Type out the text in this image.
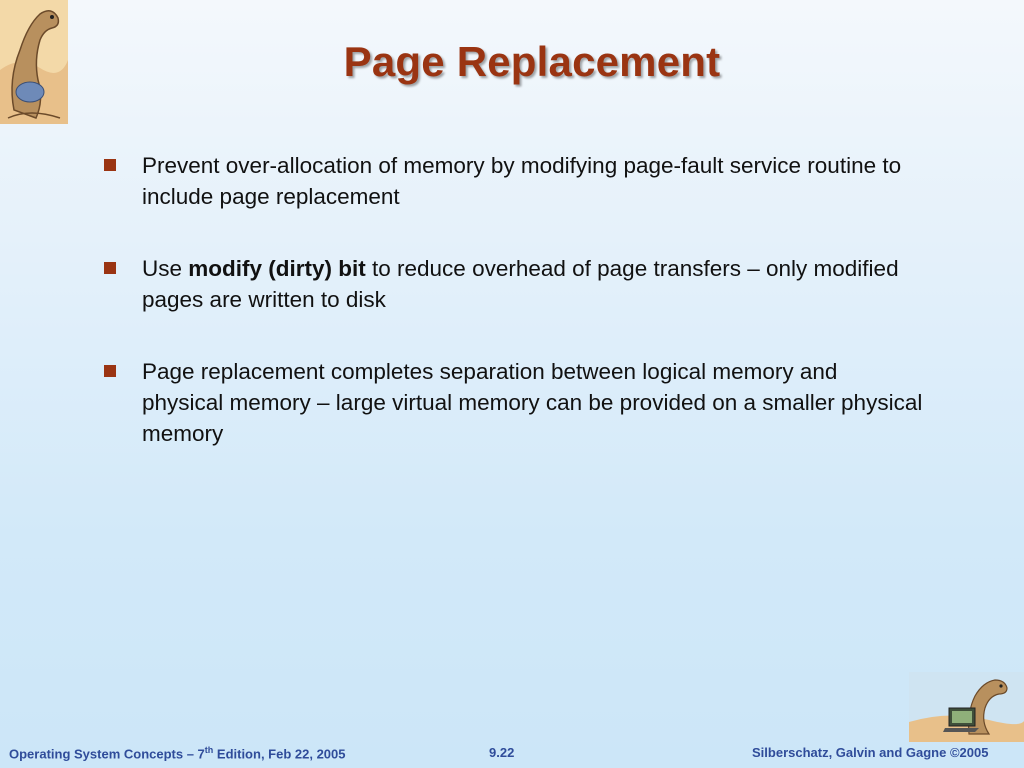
Page Replacement
Prevent over-allocation of memory by modifying page-fault service routine to include page replacement
Use modify (dirty) bit to reduce overhead of page transfers – only modified pages are written to disk
Page replacement completes separation between logical memory and physical memory – large virtual memory can be provided on a smaller physical memory
Operating System Concepts – 7th Edition, Feb 22, 2005	9.22	Silberschatz, Galvin and Gagne ©2005
